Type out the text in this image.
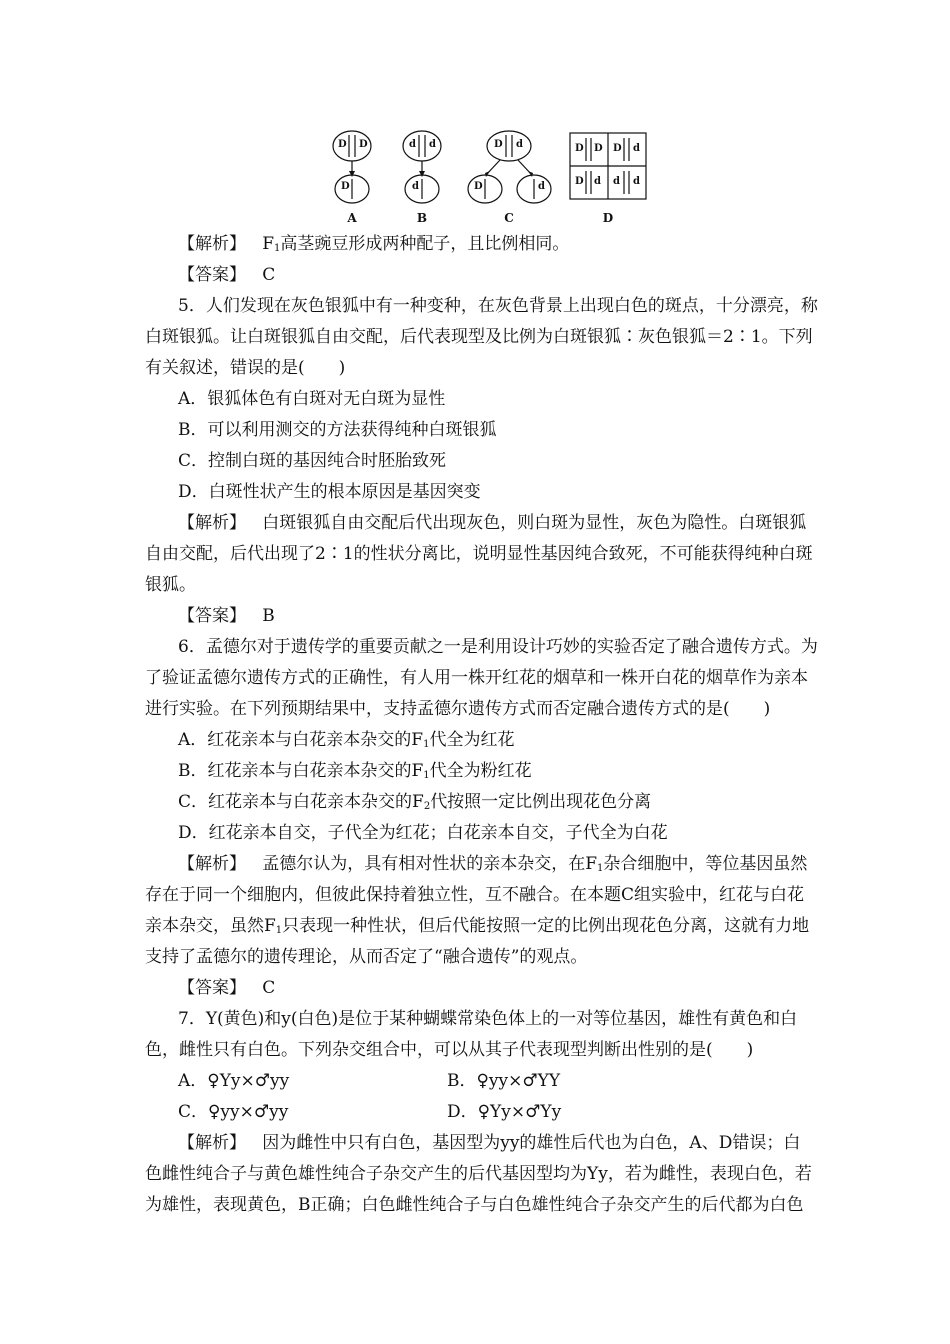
D D
D
d d
d
D d
D	d
D D D d
D d d d
A	B	C	D
【解析】 $F_1$高茎豌豆形成两种配子，且比例相同。
【答案】 C
5．人们发现在灰色银狐中有一种变种，在灰色背景上出现白色的斑点，十分漂亮，称
白斑银狐。让白斑银狐自由交配，后代表现型及比例为白斑银狐∶灰色银狐＝2∶1。下列
有关叙述，错误的是(　　)
A．银狐体色有白斑对无白斑为显性
B．可以利用测交的方法获得纯种白斑银狐
C．控制白斑的基因纯合时胚胎致死
D．白斑性状产生的根本原因是基因突变
【解析】 白斑银狐自由交配后代出现灰色，则白斑为显性，灰色为隐性。白斑银狐
自由交配，后代出现了2∶1的性状分离比，说明显性基因纯合致死，不可能获得纯种白斑
银狐。
【答案】 B
6．孟德尔对于遗传学的重要贡献之一是利用设计巧妙的实验否定了融合遗传方式。为
了验证孟德尔遗传方式的正确性，有人用一株开红花的烟草和一株开白花的烟草作为亲本
进行实验。在下列预期结果中，支持孟德尔遗传方式而否定融合遗传方式的是(　　)
A．红花亲本与白花亲本杂交的$F_1$代全为红花
B．红花亲本与白花亲本杂交的$F_1$代全为粉红花
C．红花亲本与白花亲本杂交的$F_2$代按照一定比例出现花色分离
D．红花亲本自交，子代全为红花；白花亲本自交，子代全为白花
【解析】 孟德尔认为，具有相对性状的亲本杂交，在$F_1$杂合细胞中，等位基因虽然
存在于同一个细胞内，但彼此保持着独立性，互不融合。在本题C组实验中，红花与白花
亲本杂交，虽然$F_1$只表现一种性状，但后代能按照一定的比例出现花色分离，这就有力地
支持了孟德尔的遗传理论，从而否定了“融合遗传”的观点。
【答案】 C
7．Y(黄色)和y(白色)是位于某种蝴蝶常染色体上的一对等位基因，雄性有黄色和白
色，雌性只有白色。下列杂交组合中，可以从其子代表现型判断出性别的是(　　)
A．♀Yy×♂yy	B．♀yy×♂YY
C．♀yy×♂yy	D．♀Yy×♂Yy
【解析】 因为雌性中只有白色，基因型为yy的雄性后代也为白色，A、D错误；白
色雌性纯合子与黄色雄性纯合子杂交产生的后代基因型均为Yy，若为雌性，表现白色，若
为雄性，表现黄色，B正确；白色雌性纯合子与白色雄性纯合子杂交产生的后代都为白色
